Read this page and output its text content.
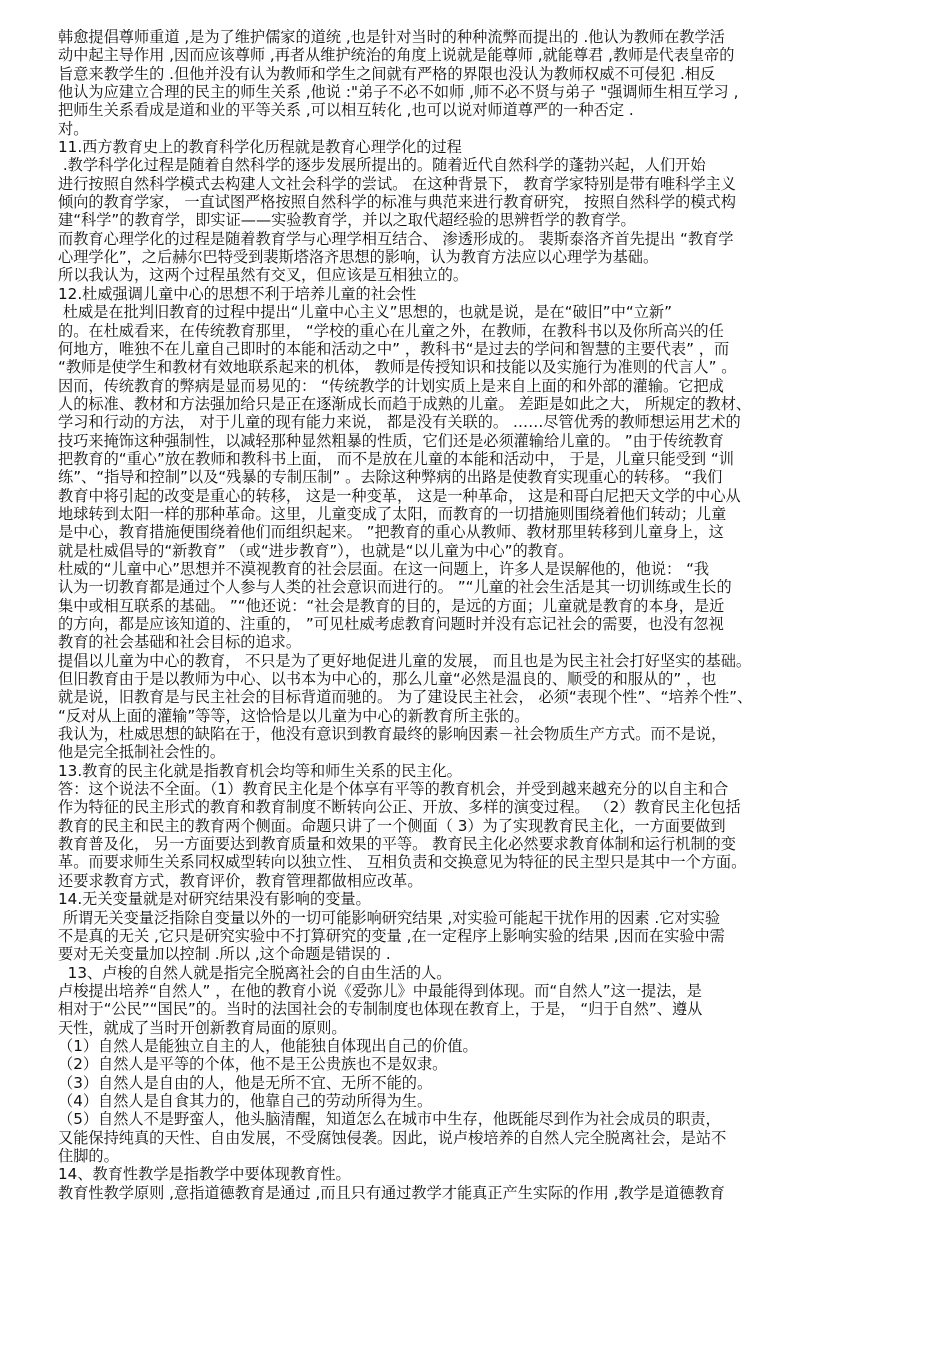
韩愈提倡尊师重道 ,是为了维护儒家的道统 ,也是针对当时的种种流弊而提出的 .他认为教师在教学活
动中起主导作用 ,因而应该尊师 ,再者从维护统治的角度上说就是能尊师 ,就能尊君 ,教师是代表皇帝的
旨意来教学生的 .但他并没有认为教师和学生之间就有严格的界限也没认为教师权威不可侵犯 .相反
他认为应建立合理的民主的师生关系 ,他说 :"弟子不必不如师 ,师不必不贤与弟子 "强调师生相互学习 ,
把师生关系看成是道和业的平等关系 ,可以相互转化 ,也可以说对师道尊严的一种否定 .
对。
11.西方教育史上的教育科学化历程就是教育心理学化的过程
.教学科学化过程是随着自然科学的逐步发展所提出的。随着近代自然科学的蓬勃兴起，人们开始
进行按照自然科学模式去构建人文社会科学的尝试。 在这种背景下， 教育学家特别是带有唯科学主义
倾向的教育学家， 一直试图严格按照自然科学的标准与典范来进行教育研究， 按照自然科学的模式构
建“科学”的教育学，即实证——实验教育学，并以之取代超经验的思辨哲学的教育学。
而教育心理学化的过程是随着教育学与心理学相互结合、 渗透形成的。 裴斯泰洛齐首先提出 “教育学
心理学化”，之后赫尔巴特受到裴斯塔洛齐思想的影响，认为教育方法应以心理学为基础。
所以我认为，这两个过程虽然有交叉，但应该是互相独立的。
12.杜威强调儿童中心的思想不利于培养儿童的社会性
杜威是在批判旧教育的过程中提出“儿童中心主义”思想的，也就是说，是在“破旧”中“立新”
的。在杜威看来，在传统教育那里， “学校的重心在儿童之外，在教师，在教科书以及你所高兴的任
何地方，唯独不在儿童自己即时的本能和活动之中” ，教科书“是过去的学问和智慧的主要代表” ，而
“教师是使学生和教材有效地联系起来的机体， 教师是传授知识和技能以及实施行为准则的代言人” 。
因而，传统教育的弊病是显而易见的： “传统教学的计划实质上是来自上面的和外部的灌输。它把成
人的标准、教材和方法强加给只是正在逐渐成长而趋于成熟的儿童。 差距是如此之大， 所规定的教材、
学习和行动的方法， 对于儿童的现有能力来说， 都是没有关联的。 ……尽管优秀的教师想运用艺术的
技巧来掩饰这种强制性，以减轻那种显然粗暴的性质，它们还是必须灌输给儿童的。 ”由于传统教育
把教育的“重心”放在教师和教科书上面， 而不是放在儿童的本能和活动中， 于是，儿童只能受到 “训
练”、“指导和控制”以及“残暴的专制压制” 。去除这种弊病的出路是使教育实现重心的转移。 “我们
教育中将引起的改变是重心的转移， 这是一种变革， 这是一种革命， 这是和哥白尼把天文学的中心从
地球转到太阳一样的那种革命。这里，儿童变成了太阳，而教育的一切措施则围绕着他们转动；儿童
是中心，教育措施便围绕着他们而组织起来。 ”把教育的重心从教师、教材那里转移到儿童身上，这
就是杜威倡导的“新教育” （或“进步教育”），也就是“以儿童为中心”的教育。
杜威的“儿童中心”思想并不漠视教育的社会层面。在这一问题上，许多人是误解他的，他说： “我
认为一切教育都是通过个人参与人类的社会意识而进行的。 ”“儿童的社会生活是其一切训练或生长的
集中或相互联系的基础。 ”“他还说：“社会是教育的目的，是远的方面；儿童就是教育的本身，是近
的方向，都是应该知道的、注重的， ”可见杜威考虑教育问题时并没有忘记社会的需要，也没有忽视
教育的社会基础和社会目标的追求。
提倡以儿童为中心的教育， 不只是为了更好地促进儿童的发展， 而且也是为民主社会打好坚实的基础。
但旧教育由于是以教师为中心、以书本为中心的，那么儿童“必然是温良的、顺受的和服从的” ，也
就是说，旧教育是与民主社会的目标背道而驰的。 为了建设民主社会， 必须“表现个性”、“培养个性”、
“反对从上面的灌输”等等，这恰恰是以儿童为中心的新教育所主张的。
我认为，杜威思想的缺陷在于，他没有意识到教育最终的影响因素－社会物质生产方式。而不是说，
他是完全抵制社会性的。
13.教育的民主化就是指教育机会均等和师生关系的民主化。
答：这个说法不全面。（1）教育民主化是个体享有平等的教育机会，并受到越来越充分的以自主和合
作为特征的民主形式的教育和教育制度不断转向公正、开放、多样的演变过程。 （2）教育民主化包括
教育的民主和民主的教育两个侧面。命题只讲了一个侧面（ 3）为了实现教育民主化，一方面要做到
教育普及化， 另一方面要达到教育质量和效果的平等。 教育民主化必然要求教育体制和运行机制的变
革。而要求师生关系同权威型转向以独立性、 互相负责和交换意见为特征的民主型只是其中一个方面。
还要求教育方式，教育评价，教育管理都做相应改革。
14.无关变量就是对研究结果没有影响的变量。
所谓无关变量泛指除自变量以外的一切可能影响研究结果 ,对实验可能起干扰作用的因素 .它对实验
不是真的无关 ,它只是研究实验中不打算研究的变量 ,在一定程序上影响实验的结果 ,因而在实验中需
要对无关变量加以控制 .所以 ,这个命题是错误的 .
13、卢梭的自然人就是指完全脱离社会的自由生活的人。
卢梭提出培养“自然人” ，在他的教育小说《爱弥儿》中最能得到体现。而“自然人”这一提法，是
相对于“公民”“国民”的。当时的法国社会的专制制度也体现在教育上，于是， “归于自然”、遵从
天性，就成了当时开创新教育局面的原则。
（1）自然人是能独立自主的人，他能独自体现出自己的价值。
（2）自然人是平等的个体，他不是王公贵族也不是奴隶。
（3）自然人是自由的人，他是无所不宜、无所不能的。
（4）自然人是自食其力的，他靠自己的劳动所得为生。
（5）自然人不是野蛮人，他头脑清醒，知道怎么在城市中生存，他既能尽到作为社会成员的职责，
又能保持纯真的天性、自由发展，不受腐蚀侵袭。因此，说卢梭培养的自然人完全脱离社会，是站不
住脚的。
14、教育性教学是指教学中要体现教育性。
教育性教学原则 ,意指道德教育是通过 ,而且只有通过教学才能真正产生实际的作用 ,教学是道德教育
